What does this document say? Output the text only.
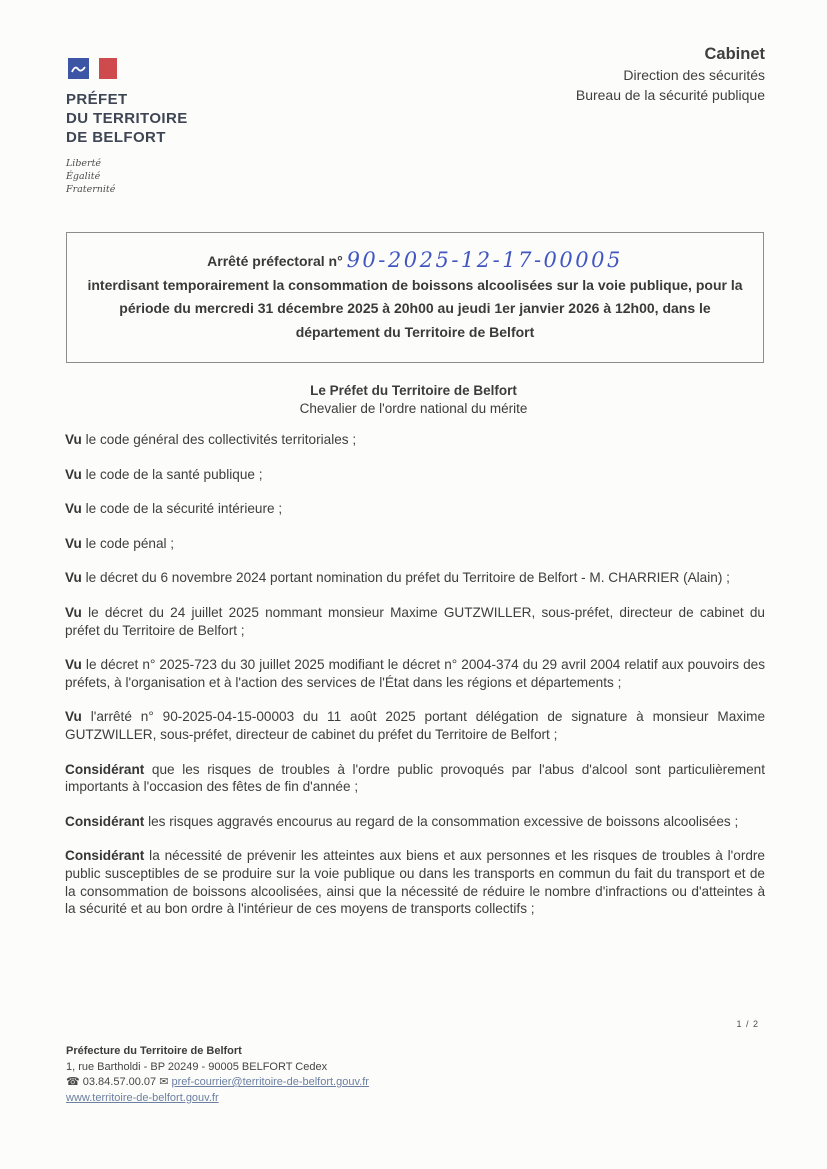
PRÉFET
DU TERRITOIRE
DE BELFORT
Liberté
Égalité
Fraternité
Cabinet
Direction des sécurités
Bureau de la sécurité publique
Arrêté préfectoral n° 90-2025-12-17-00005
interdisant temporairement la consommation de boissons alcoolisées sur la voie publique, pour la période du mercredi 31 décembre 2025 à 20h00 au jeudi 1er janvier 2026 à 12h00, dans le département du Territoire de Belfort
Le Préfet du Territoire de Belfort
Chevalier de l'ordre national du mérite

Vu le code général des collectivités territoriales ;

Vu le code de la santé publique ;

Vu le code de la sécurité intérieure ;

Vu le code pénal ;

Vu le décret du 6 novembre 2024 portant nomination du préfet du Territoire de Belfort - M. CHARRIER (Alain) ;

Vu le décret du 24 juillet 2025 nommant monsieur Maxime GUTZWILLER, sous-préfet, directeur de cabinet du préfet du Territoire de Belfort ;

Vu le décret n° 2025-723 du 30 juillet 2025 modifiant le décret n° 2004-374 du 29 avril 2004 relatif aux pouvoirs des préfets, à l'organisation et à l'action des services de l'État dans les régions et départements ;

Vu l'arrêté n° 90-2025-04-15-00003 du 11 août 2025 portant délégation de signature à monsieur Maxime GUTZWILLER, sous-préfet, directeur de cabinet du préfet du Territoire de Belfort ;

Considérant que les risques de troubles à l'ordre public provoqués par l'abus d'alcool sont particulièrement importants à l'occasion des fêtes de fin d'année ;

Considérant les risques aggravés encourus au regard de la consommation excessive de boissons alcoolisées ;

Considérant la nécessité de prévenir les atteintes aux biens et aux personnes et les risques de troubles à l'ordre public susceptibles de se produire sur la voie publique ou dans les transports en commun du fait du transport et de la consommation de boissons alcoolisées, ainsi que la nécessité de réduire le nombre d'infractions ou d'atteintes à la sécurité et au bon ordre à l'intérieur de ces moyens de transports collectifs ;

1 / 2
Préfecture du Territoire de Belfort
1, rue Bartholdi - BP 20249 - 90005 BELFORT Cedex
☎ 03.84.57.00.07 ✉ pref-courrier@territoire-de-belfort.gouv.fr
www.territoire-de-belfort.gouv.fr
